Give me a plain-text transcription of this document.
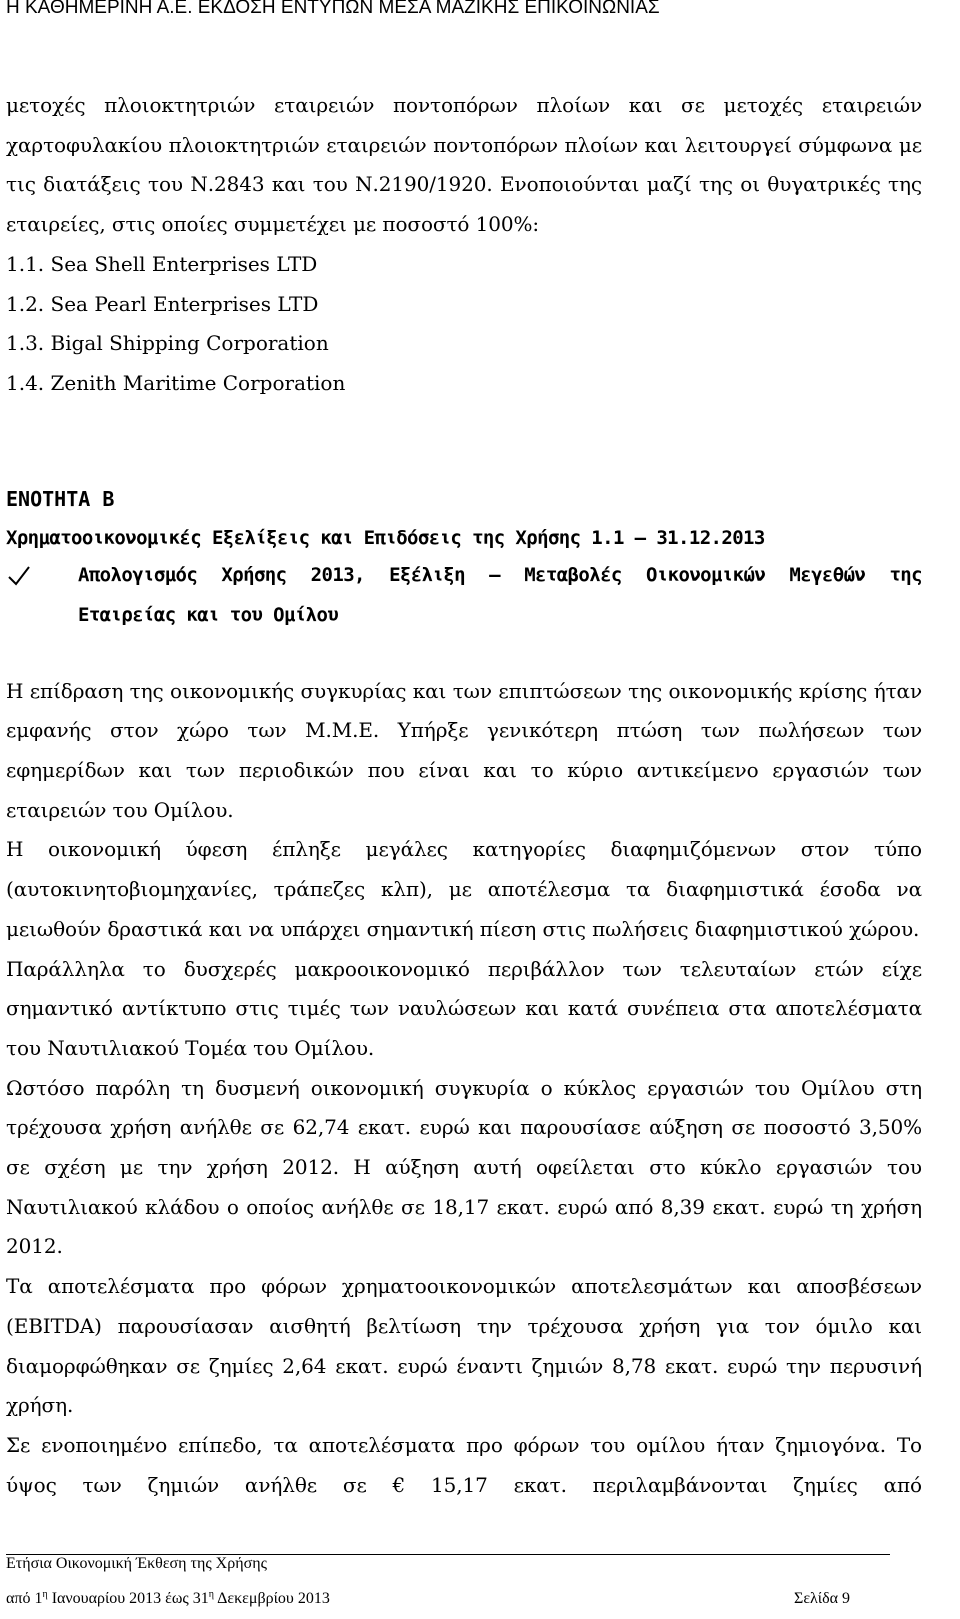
Η ΚΑΘΗΜΕΡΙΝΗ Α.Ε. ΕΚΔΟΣΗ ΕΝΤΥΠΩΝ ΜΕΣΑ ΜΑΖΙΚΗΣ ΕΠΙΚΟΙΝΩΝΙΑΣ

μετοχές πλοιοκτητριών εταιρειών ποντοπόρων πλοίων και σε μετοχές εταιρειών χαρτοφυλακίου πλοιοκτητριών εταιρειών ποντοπόρων πλοίων και λειτουργεί σύμφωνα με τις διατάξεις του Ν.2843 και του Ν.2190/1920. Ενοποιούνται μαζί της οι θυγατρικές της εταιρείες, στις οποίες συμμετέχει με ποσοστό 100%:

1.1. Sea Shell Enterprises LTD

1.2. Sea Pearl Enterprises LTD

1.3. Bigal Shipping Corporation

1.4. Zenith Maritime Corporation

ΕΝΟΤΗΤΑ Β

Χρηματοοικονομικές Εξελίξεις και Επιδόσεις της Χρήσης 1.1 – 31.12.2013

Απολογισμός Χρήσης 2013, Εξέλιξη – Μεταβολές Οικονομικών Μεγεθών της Εταιρείας και του Ομίλου

Η επίδραση της οικονομικής συγκυρίας και των επιπτώσεων της οικονομικής κρίσης ήταν εμφανής στον χώρο των Μ.Μ.Ε. Υπήρξε γενικότερη πτώση των πωλήσεων των εφημερίδων και των περιοδικών που είναι και το κύριο αντικείμενο εργασιών των εταιρειών του Ομίλου.

Η οικονομική ύφεση έπληξε μεγάλες κατηγορίες διαφημιζόμενων στον τύπο (αυτοκινητοβιομηχανίες, τράπεζες κλπ), με αποτέλεσμα τα διαφημιστικά έσοδα να μειωθούν δραστικά και να υπάρχει σημαντική πίεση στις πωλήσεις διαφημιστικού χώρου.

Παράλληλα το δυσχερές μακροοικονομικό περιβάλλον των τελευταίων ετών είχε σημαντικό αντίκτυπο στις τιμές των ναυλώσεων και κατά συνέπεια στα αποτελέσματα του Ναυτιλιακού Τομέα του Ομίλου.

Ωστόσο παρόλη τη δυσμενή οικονομική συγκυρία ο κύκλος εργασιών του Ομίλου στη τρέχουσα χρήση ανήλθε σε 62,74 εκατ. ευρώ και παρουσίασε αύξηση σε ποσοστό 3,50% σε σχέση με την χρήση 2012. Η αύξηση αυτή οφείλεται στο κύκλο εργασιών του Ναυτιλιακού κλάδου ο οποίος ανήλθε σε 18,17 εκατ. ευρώ από 8,39 εκατ. ευρώ τη χρήση 2012.

Τα αποτελέσματα προ φόρων χρηματοοικονομικών αποτελεσμάτων και αποσβέσεων (EBITDA) παρουσίασαν αισθητή βελτίωση την τρέχουσα χρήση για τον όμιλο και διαμορφώθηκαν σε ζημίες 2,64 εκατ. ευρώ έναντι ζημιών 8,78 εκατ. ευρώ την περυσινή χρήση.

Σε ενοποιημένο επίπεδο, τα αποτελέσματα προ φόρων του ομίλου ήταν ζημιογόνα. Το ύψος των ζημιών ανήλθε σε € 15,17 εκατ. περιλαμβάνονται ζημίες από

Ετήσια Οικονομική Έκθεση της Χρήσης
από $1^\eta$ Ιανουαρίου 2013 έως $31^\eta$ Δεκεμβρίου 2013	Σελίδα 9
